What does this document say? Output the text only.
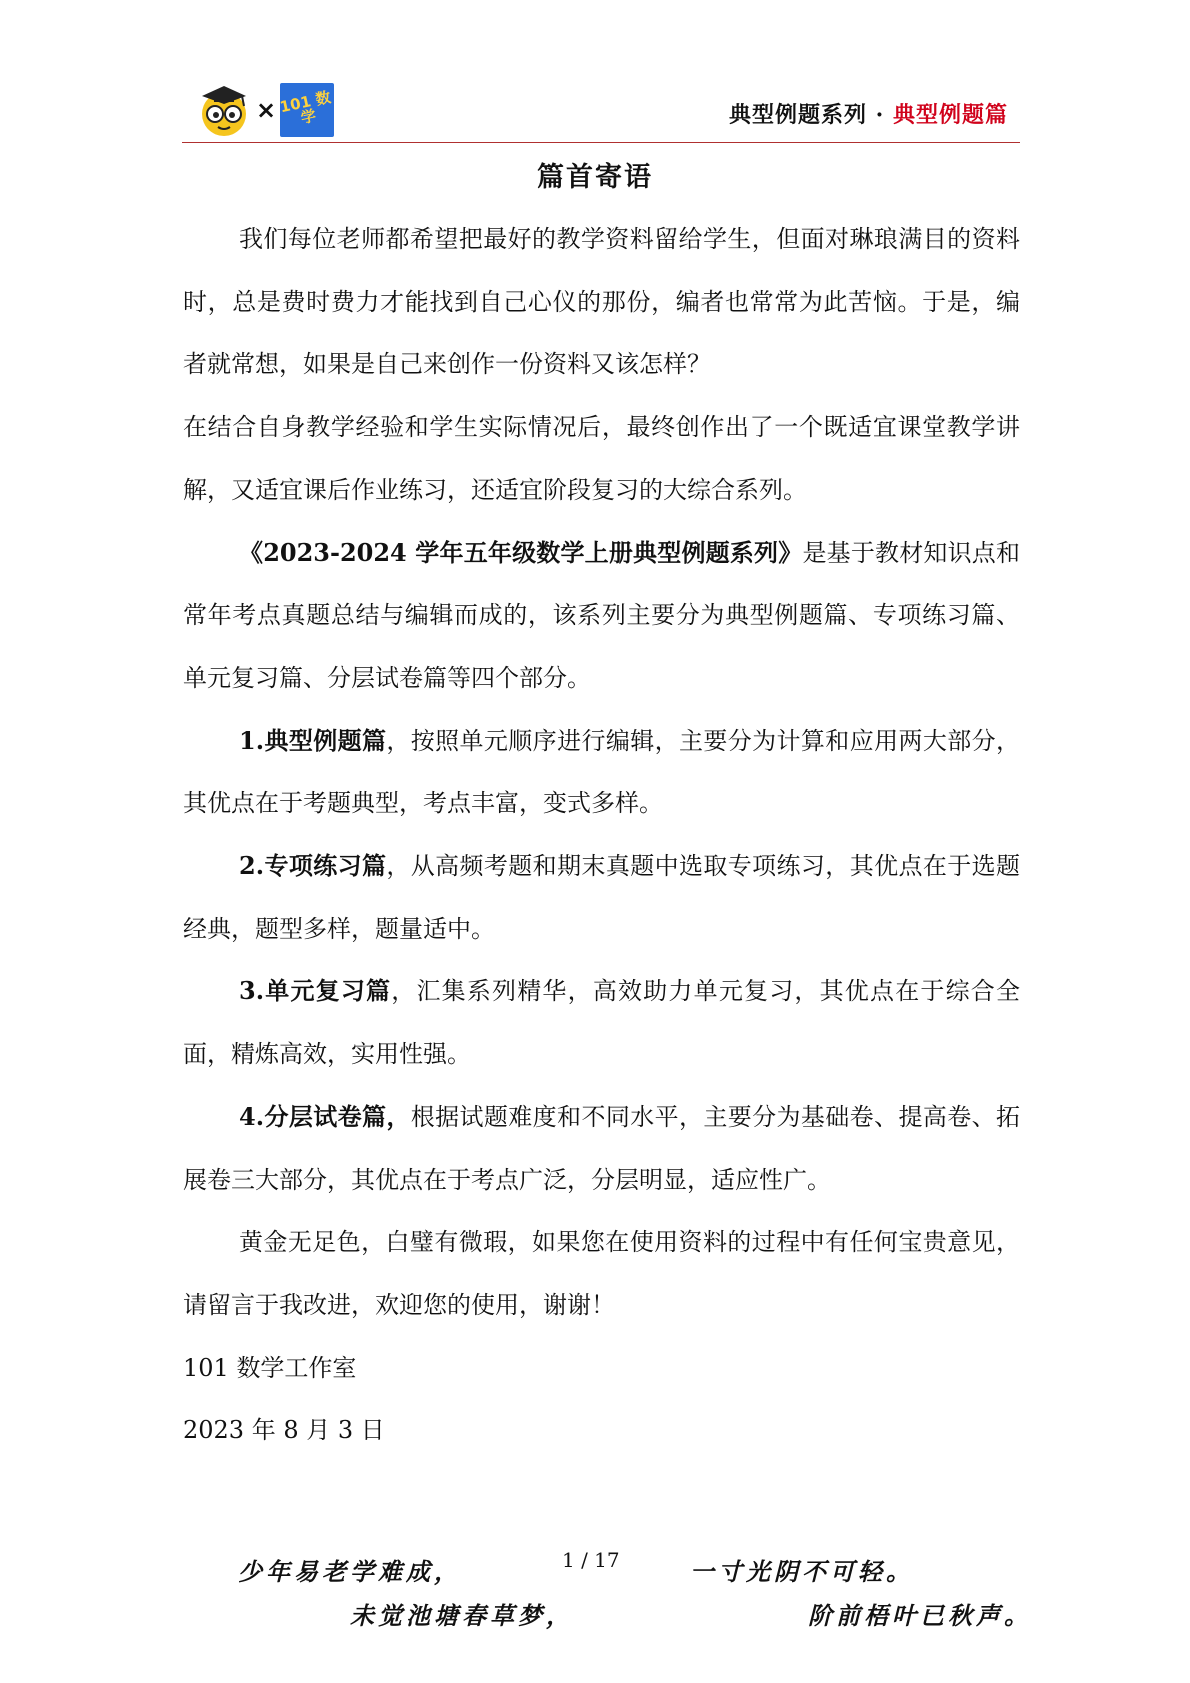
× 101 数学	典型例题系列 · 典型例题篇
篇首寄语

我们每位老师都希望把最好的教学资料留给学生，但面对琳琅满目的资料时，总是费时费力才能找到自己心仪的那份，编者也常常为此苦恼。于是，编者就常想，如果是自己来创作一份资料又该怎样？

在结合自身教学经验和学生实际情况后，最终创作出了一个既适宜课堂教学讲解，又适宜课后作业练习，还适宜阶段复习的大综合系列。

《2023-2024 学年五年级数学上册典型例题系列》是基于教材知识点和常年考点真题总结与编辑而成的，该系列主要分为典型例题篇、专项练习篇、单元复习篇、分层试卷篇等四个部分。

1.典型例题篇，按照单元顺序进行编辑，主要分为计算和应用两大部分，其优点在于考题典型，考点丰富，变式多样。

2.专项练习篇，从高频考题和期末真题中选取专项练习，其优点在于选题经典，题型多样，题量适中。

3.单元复习篇，汇集系列精华，高效助力单元复习，其优点在于综合全面，精炼高效，实用性强。

4.分层试卷篇，根据试题难度和不同水平，主要分为基础卷、提高卷、拓展卷三大部分，其优点在于考点广泛，分层明显，适应性广。

黄金无足色，白璧有微瑕，如果您在使用资料的过程中有任何宝贵意见，请留言于我改进，欢迎您的使用，谢谢！

101 数学工作室

2023 年 8 月 3 日

少年易老学难成，	1 / 17	一寸光阴不可轻。
未觉池塘春草梦，	阶前梧叶已秋声。
